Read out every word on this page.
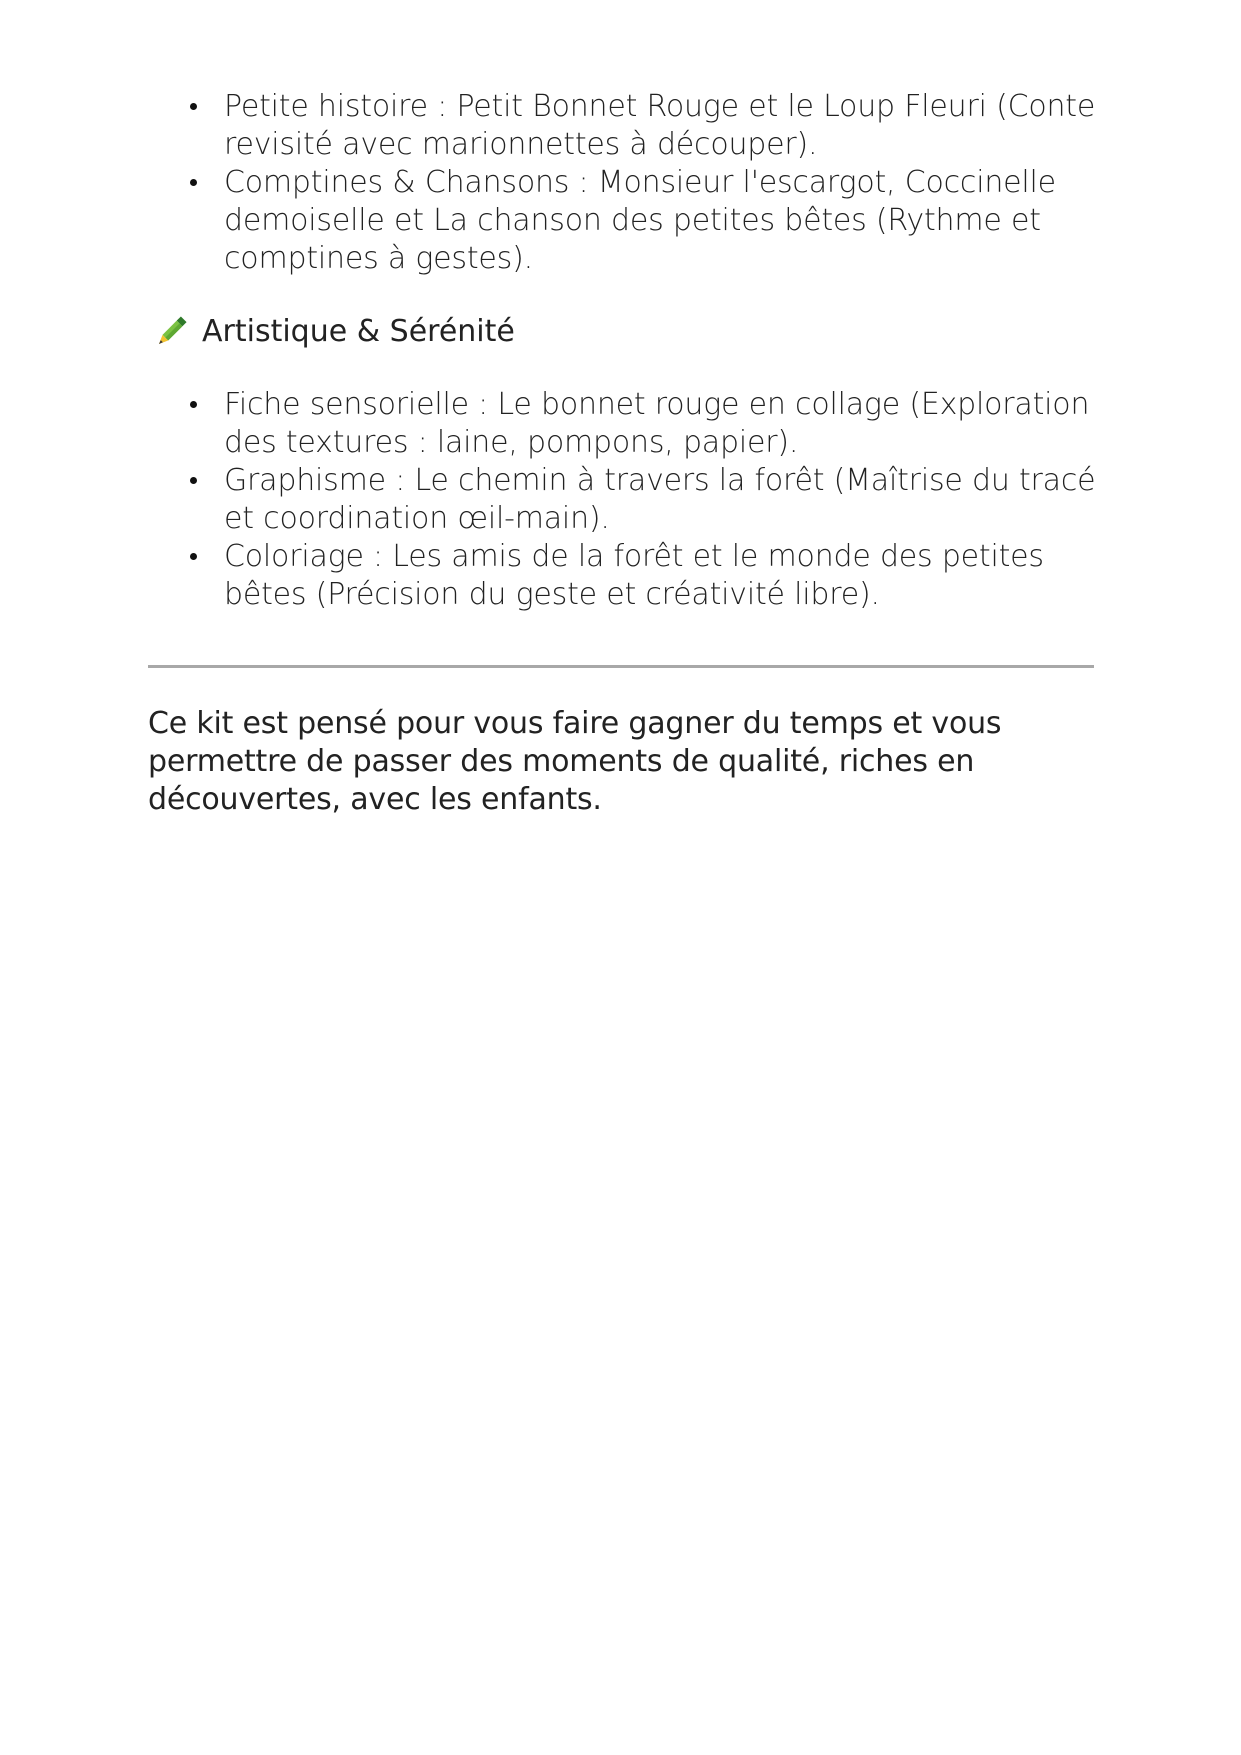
Petite histoire : Petit Bonnet Rouge et le Loup Fleuri (Conte revisité avec marionnettes à découper).
Comptines & Chansons : Monsieur l'escargot, Coccinelle demoiselle et La chanson des petites bêtes (Rythme et comptines à gestes).
Artistique & Sérénité
Fiche sensorielle : Le bonnet rouge en collage (Exploration des textures : laine, pompons, papier).
Graphisme : Le chemin à travers la forêt (Maîtrise du tracé et coordination œil-main).
Coloriage : Les amis de la forêt et le monde des petites bêtes (Précision du geste et créativité libre).

Ce kit est pensé pour vous faire gagner du temps et vous permettre de passer des moments de qualité, riches en découvertes, avec les enfants.
